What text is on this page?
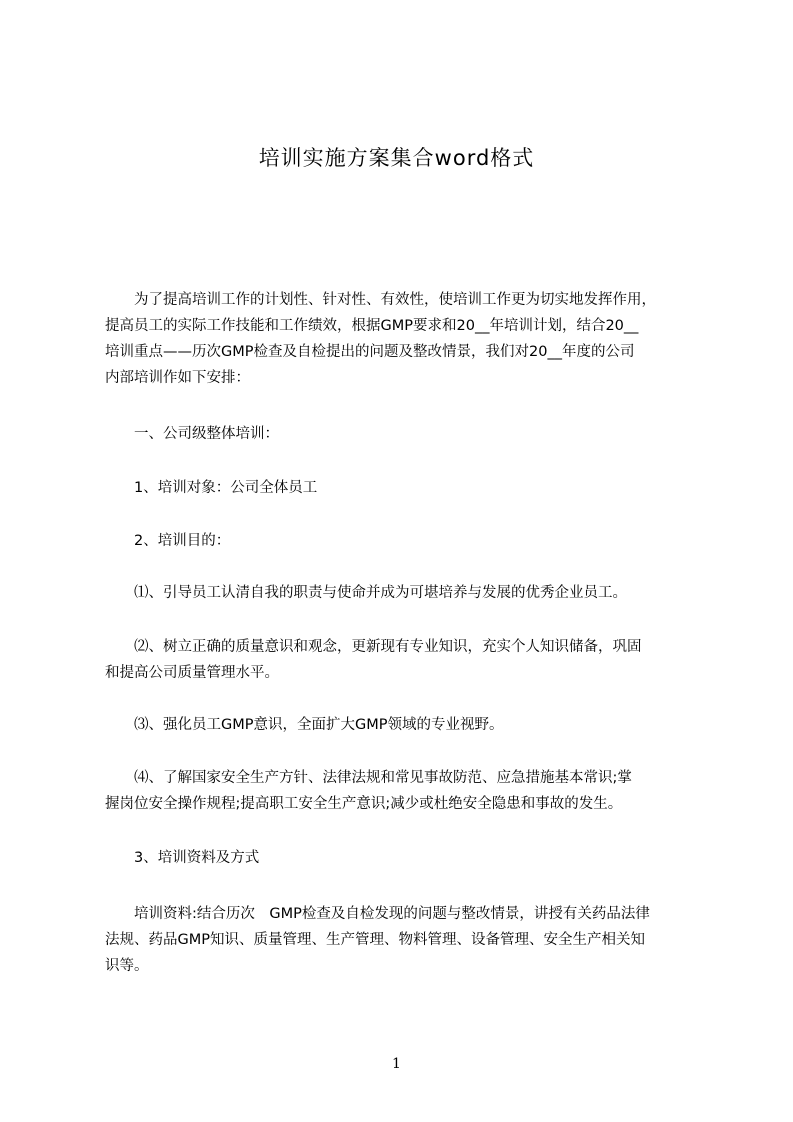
培训实施方案集合word格式
　　为了提高培训工作的计划性、针对性、有效性，使培训工作更为切实地发挥作用，
提高员工的实际工作技能和工作绩效，根据GMP要求和20__年培训计划，结合20__
培训重点——历次GMP检查及自检提出的问题及整改情景，我们对20__年度的公司
内部培训作如下安排：
　　一、公司级整体培训：
　　1、培训对象：公司全体员工
　　2、培训目的：
　　⑴、引导员工认清自我的职责与使命并成为可堪培养与发展的优秀企业员工。
　　⑵、树立正确的质量意识和观念，更新现有专业知识，充实个人知识储备，巩固
和提高公司质量管理水平。
　　⑶、强化员工GMP意识，全面扩大GMP领域的专业视野。
　　⑷、了解国家安全生产方针、法律法规和常见事故防范、应急措施基本常识;掌
握岗位安全操作规程;提高职工安全生产意识;减少或杜绝安全隐患和事故的发生。
　　3、培训资料及方式
　　培训资料:结合历次　GMP检查及自检发现的问题与整改情景，讲授有关药品法律
法规、药品GMP知识、质量管理、生产管理、物料管理、设备管理、安全生产相关知
识等。
1
